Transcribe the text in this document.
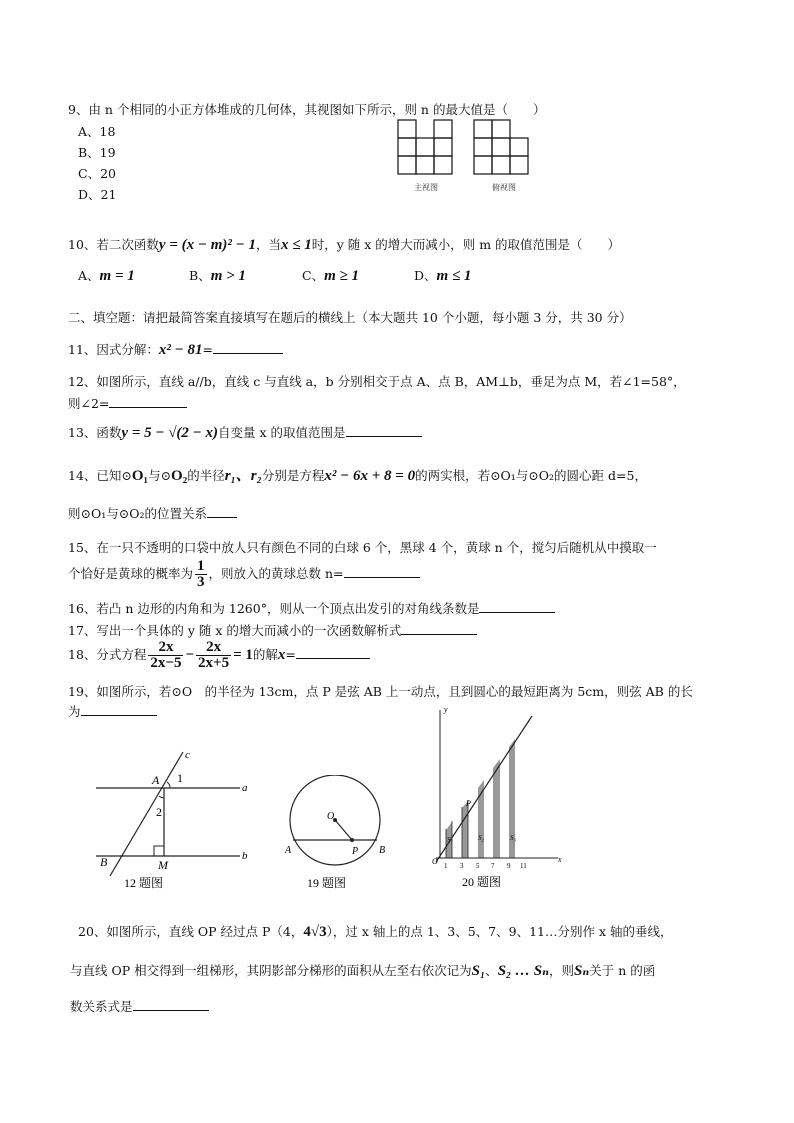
9、由 n 个相同的小正方体堆成的几何体，其视图如下所示，则 n 的最大值是（　　）
A、18
B、19
C、20
D、21	主视图	俯视图
10、若二次函数y = (x − m)² − 1，当x ≤ 1时，y 随 x 的增大而减小，则 m 的取值范围是（　　）
A、m = 1	B、m > 1	C、m ≥ 1	D、m ≤ 1
二、填空题：请把最简答案直接填写在题后的横线上（本大题共 10 个小题，每小题 3 分，共 30 分）
11、因式分解：x² − 81=
12、如图所示，直线 a//b，直线 c 与直线 a，b 分别相交于点 A、点 B，AM⊥b，垂足为点 M，若∠1=58°，
则∠2=
13、函数y = 5 − √(2 − x)自变量 x 的取值范围是
14、已知⊙O₁与⊙O₂的半径r₁、r₂分别是方程x² − 6x + 8 = 0的两实根，若⊙O₁与⊙O₂的圆心距 d=5，
则⊙O₁与⊙O₂的位置关系
15、在一只不透明的口袋中放人只有颜色不同的白球 6 个，黑球 4 个，黄球 n 个，搅匀后随机从中摸取一
个恰好是黄球的概率为 $\frac{1}{3}$ ，则放入的黄球总数 n=
16、若凸 n 边形的内角和为 1260°，则从一个顶点出发引的对角线条数是
17、写出一个具体的 y 随 x 的增大而减小的一次函数解析式
18、分式方程 $\frac{2x}{2x-5} - \frac{2x}{2x+5} = 1$的解x=
19、如图所示，若⊙O　的半径为 13cm，点 P 是弦 AB 上一动点，且到圆心的最短距离为 5cm，则弦 AB 的长
为
c
a
b
A
B	M
1
2
12 题图
O
A	B
P
19 题图
y
x
O
P
S₁	S₂	S₃
1 3 5 7 9 11
20 题图
20、如图所示，直线 OP 经过点 P（4，4√3），过 x 轴上的点 1、3、5、7、9、11…分别作 x 轴的垂线，
与直线 OP 相交得到一组梯形，其阴影部分梯形的面积从左至右依次记为S₁、S₂ … Sₙ，则Sₙ关于 n 的函
数关系式是
